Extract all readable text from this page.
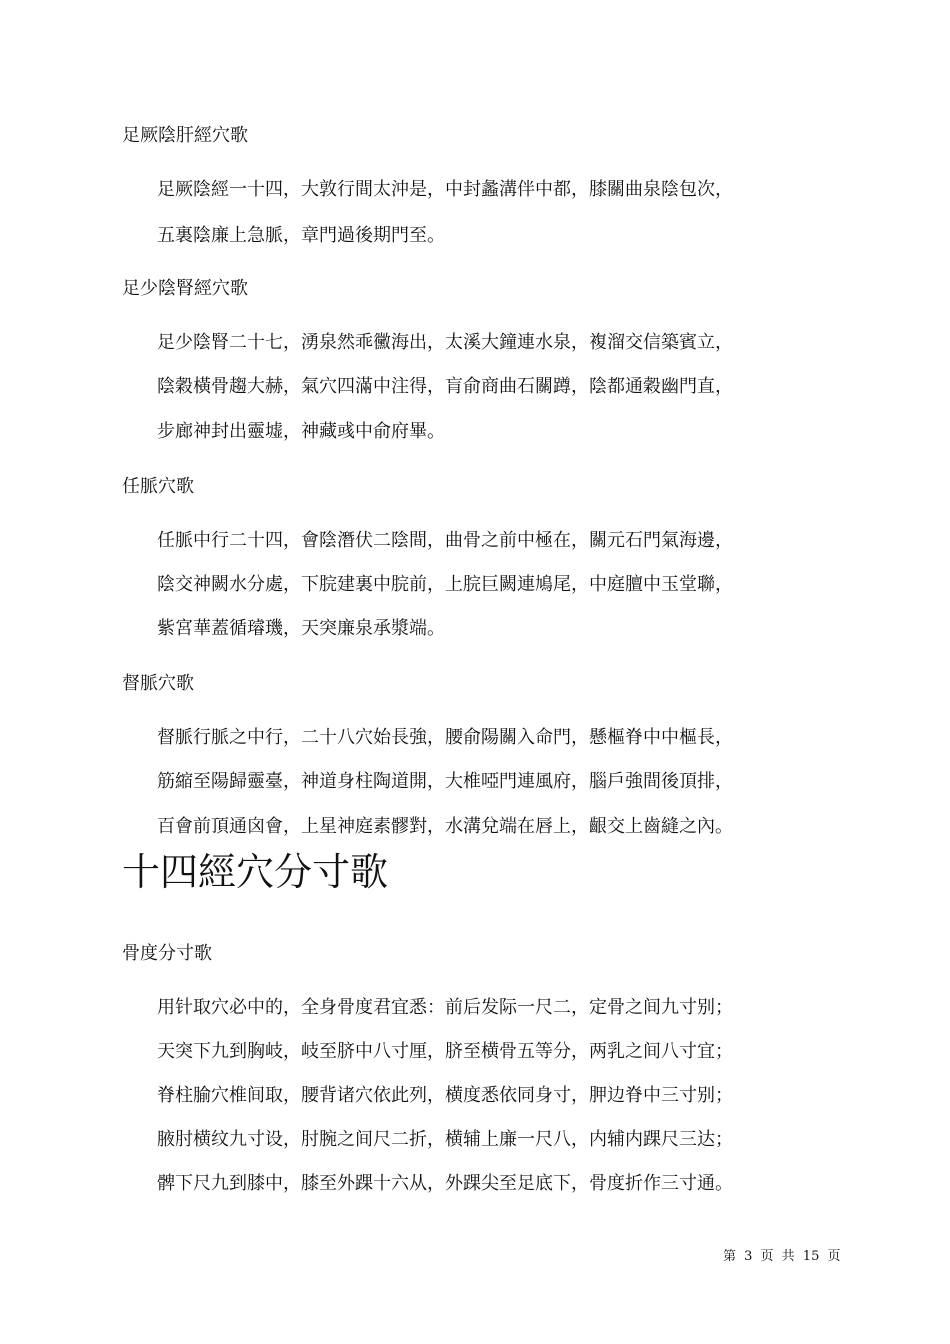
足厥陰肝經穴歌
足厥陰經一十四，大敦行間太沖是，中封蠡溝伴中都，膝關曲泉陰包次，
五裏陰廉上急脈，章門過後期門至。
足少陰腎經穴歌
足少陰腎二十七，湧泉然乖黴海出，太溪大鐘連水泉，複溜交信築賓立，
陰穀橫骨趨大赫，氣穴四滿中注得，肓俞商曲石關蹲，陰都通穀幽門直，
步廊神封出靈墟，神藏彧中俞府畢。
任脈穴歌
任脈中行二十四，會陰潛伏二陰間，曲骨之前中極在，關元石門氣海邊，
陰交神闕水分處，下脘建裏中脘前，上脘巨闕連鳩尾，中庭膻中玉堂聯，
紫宮華蓋循璿璣，天突廉泉承漿端。
督脈穴歌
督脈行脈之中行，二十八穴始長強，腰俞陽關入命門，懸樞脊中中樞長，
筋縮至陽歸靈臺，神道身柱陶道開，大椎啞門連風府，腦戶強間後頂排，
百會前頂通囟會，上星神庭素髎對，水溝兌端在唇上，齦交上齒縫之內。
十四經穴分寸歌
骨度分寸歌
用针取穴必中的，全身骨度君宜悉：前后发际一尺二，定骨之间九寸别；
天突下九到胸岐，岐至脐中八寸厘，脐至横骨五等分，两乳之间八寸宜；
脊柱腧穴椎间取，腰背诸穴依此列，横度悉依同身寸，胛边脊中三寸别；
腋肘横纹九寸设，肘腕之间尺二折，横辅上廉一尺八，内辅内踝尺三达；
髀下尺九到膝中，膝至外踝十六从，外踝尖至足底下，骨度折作三寸通。
第 3 页 共 15 页
